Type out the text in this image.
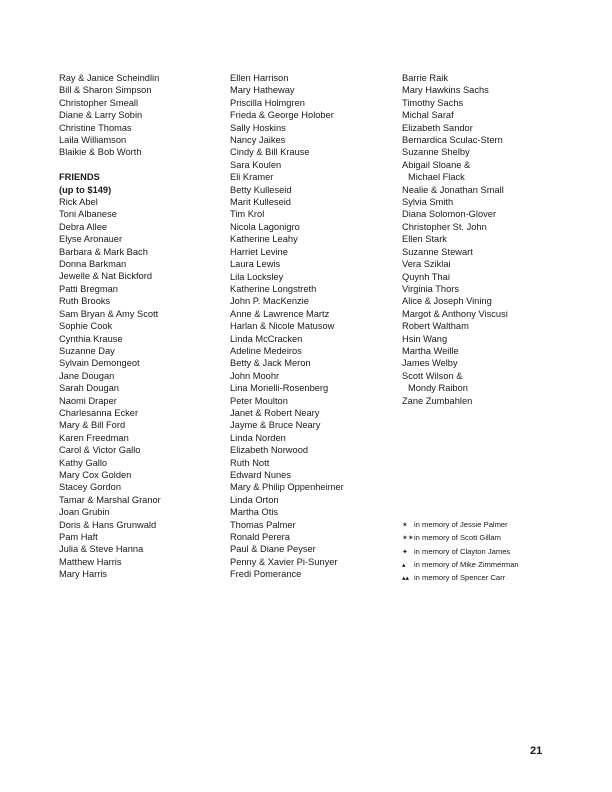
Ray & Janice Scheindlin
Bill & Sharon Simpson
Christopher Smeall
Diane & Larry Sobin
Christine Thomas
Laila Williamson
Blaikie & Bob Worth
FRIENDS
(up to $149)
Rick Abel
Toni Albanese
Debra Allee
Elyse Aronauer
Barbara & Mark Bach
Donna Barkman
Jewelle & Nat Bickford
Patti Bregman
Ruth Brooks
Sam Bryan & Amy Scott
Sophie Cook
Cynthia Krause
Suzanne Day
Sylvain Demongeot
Jane Dougan
Sarah Dougan
Naomi Draper
Charlesanna Ecker
Mary & Bill Ford
Karen Freedman
Carol & Victor Gallo
Kathy Gallo
Mary Cox Golden
Stacey Gordon
Tamar & Marshal Granor
Joan Grubin
Doris & Hans Grunwald
Pam Haft
Julia & Steve Hanna
Matthew Harris
Mary Harris
Ellen Harrison
Mary Hatheway
Priscilla Holmgren
Frieda & George Holober
Sally Hoskins
Nancy Jaikes
Cindy & Bill Krause
Sara Koulen
Eli Kramer
Betty Kulleseid
Marit Kulleseid
Tim Krol
Nicola Lagonigro
Katherine Leahy
Harriet Levine
Laura Lewis
Lila Locksley
Katherine Longstreth
John P. MacKenzie
Anne & Lawrence Martz
Harlan & Nicole Matusow
Linda McCracken
Adeline Medeiros
Betty & Jack Meron
John Moohr
Lina Morielli-Rosenberg
Peter Moulton
Janet & Robert Neary
Jayme & Bruce Neary
Linda Norden
Elizabeth Norwood
Ruth Nott
Edward Nunes
Mary & Philip Oppenheimer
Linda Orton
Martha Otis
Thomas Palmer
Ronald Perera
Paul & Diane Peyser
Penny & Xavier Pi-Sunyer
Fredi Pomerance
Barrie Raik
Mary Hawkins Sachs
Timothy Sachs
Michal Saraf
Elizabeth Sandor
Bernardica Sculac-Stern
Suzanne Shelby
Abigail Sloane &
Michael Flack
Nealie & Jonathan Small
Sylvia Smith
Diana Solomon-Glover
Christopher St. John
Ellen Stark
Suzanne Stewart
Vera Sziklai
Quynh Thai
Virginia Thors
Alice & Joseph Vining
Margot & Anthony Viscusi
Robert Waltham
Hsin Wang
Martha Weille
James Welby
Scott Wilson &
Mondy Raibon
Zane Zumbahlen
✶ in memory of Jessie Palmer
✶✶in memory of Scott Gillam
✦ in memory of Clayton James
▴ in memory of Mike Zimmerman
▴▴ in memory of Spencer Carr
21
